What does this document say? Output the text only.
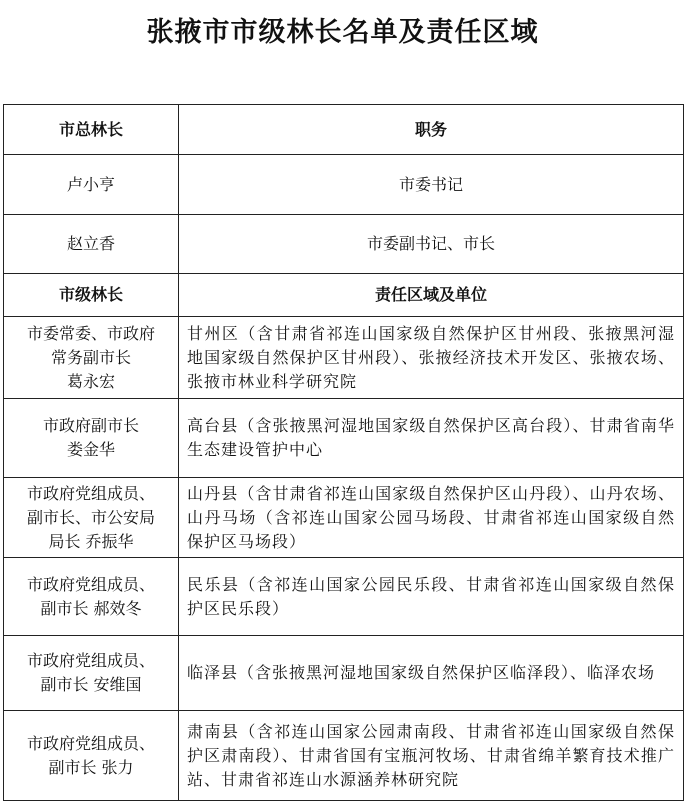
张掖市市级林长名单及责任区域
市总林长	职务
卢小亨	市委书记
赵立香	市委副书记、市长
市级林长	责任区域及单位

市委常委、市政府
常务副市长
葛永宏	甘州区（含甘肃省祁连山国家级自然保护区甘州段、张掖黑河湿地国家级自然保护区甘州段）、张掖经济技术开发区、张掖农场、张掖市林业科学研究院

市政府副市长
娄金华	高台县（含张掖黑河湿地国家级自然保护区高台段）、甘肃省南华生态建设管护中心

市政府党组成员、
副市长、市公安局
局长 乔振华	山丹县（含甘肃省祁连山国家级自然保护区山丹段）、山丹农场、山丹马场（含祁连山国家公园马场段、甘肃省祁连山国家级自然保护区马场段）

市政府党组成员、
副市长 郝效冬	民乐县（含祁连山国家公园民乐段、甘肃省祁连山国家级自然保护区民乐段）

市政府党组成员、
副市长 安维国	临泽县（含张掖黑河湿地国家级自然保护区临泽段）、临泽农场

市政府党组成员、
副市长 张力	肃南县（含祁连山国家公园肃南段、甘肃省祁连山国家级自然保护区肃南段）、甘肃省国有宝瓶河牧场、甘肃省绵羊繁育技术推广站、甘肃省祁连山水源涵养林研究院
